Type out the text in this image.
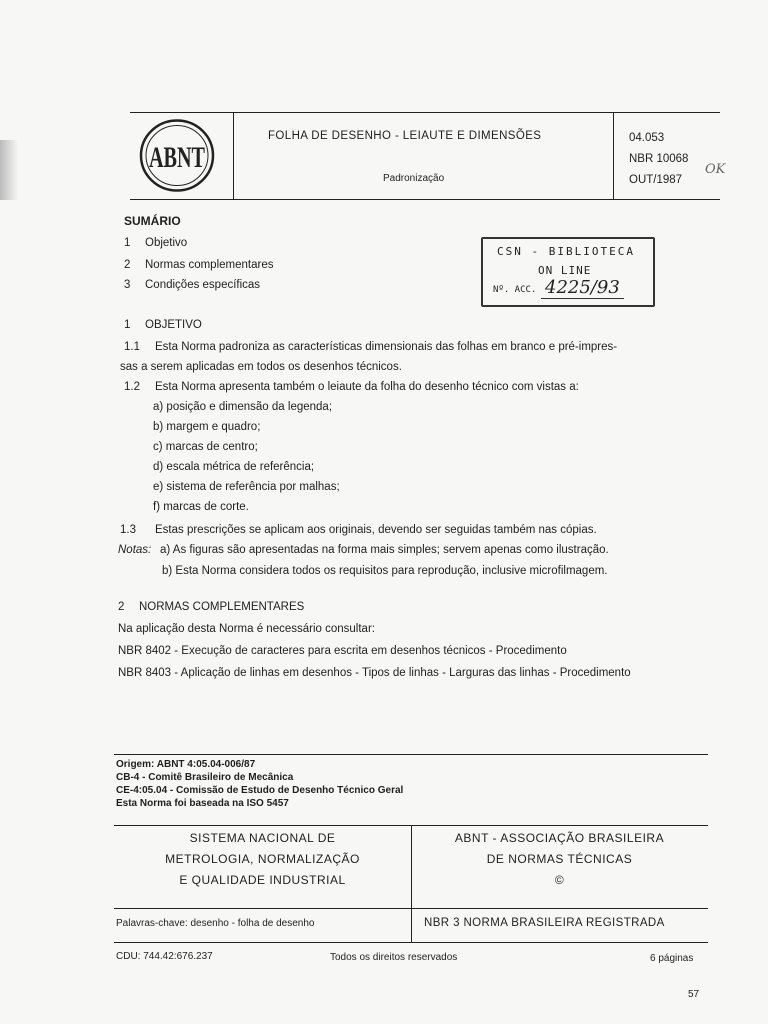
ABNT
FOLHA DE DESENHO - LEIAUTE E DIMENSÕES
Padronização
04.053
NBR 10068
OUT/1987
OK
SUMÁRIO
1 Objetivo
2 Normas complementares
3 Condições específicas
CSN - BIBLIOTECA
ON LINE
Nº. ACC. 4225/93
1 OBJETIVO
1.1 Esta Norma padroniza as características dimensionais das folhas em branco e pré-impres-
sas a serem aplicadas em todos os desenhos técnicos.
1.2 Esta Norma apresenta também o leiaute da folha do desenho técnico com vistas a:
a) posição e dimensão da legenda;
b) margem e quadro;
c) marcas de centro;
d) escala métrica de referência;
e) sistema de referência por malhas;
f) marcas de corte.
1.3 Estas prescrições se aplicam aos originais, devendo ser seguidas também nas cópias.
Notas: a) As figuras são apresentadas na forma mais simples; servem apenas como ilustração.
b) Esta Norma considera todos os requisitos para reprodução, inclusive microfilmagem.
2 NORMAS COMPLEMENTARES
Na aplicação desta Norma é necessário consultar:
NBR 8402 - Execução de caracteres para escrita em desenhos técnicos - Procedimento
NBR 8403 - Aplicação de linhas em desenhos - Tipos de linhas - Larguras das linhas - Procedimento
Origem: ABNT 4:05.04-006/87
CB-4 - Comitê Brasileiro de Mecânica
CE-4:05.04 - Comissão de Estudo de Desenho Técnico Geral
Esta Norma foi baseada na ISO 5457
SISTEMA NACIONAL DE
METROLOGIA, NORMALIZAÇÃO
E QUALIDADE INDUSTRIAL
ABNT - ASSOCIAÇÃO BRASILEIRA
DE NORMAS TÉCNICAS
©
Palavras-chave: desenho - folha de desenho	NBR 3 NORMA BRASILEIRA REGISTRADA
CDU: 744.42:676.237	Todos os direitos reservados	6 páginas
57
